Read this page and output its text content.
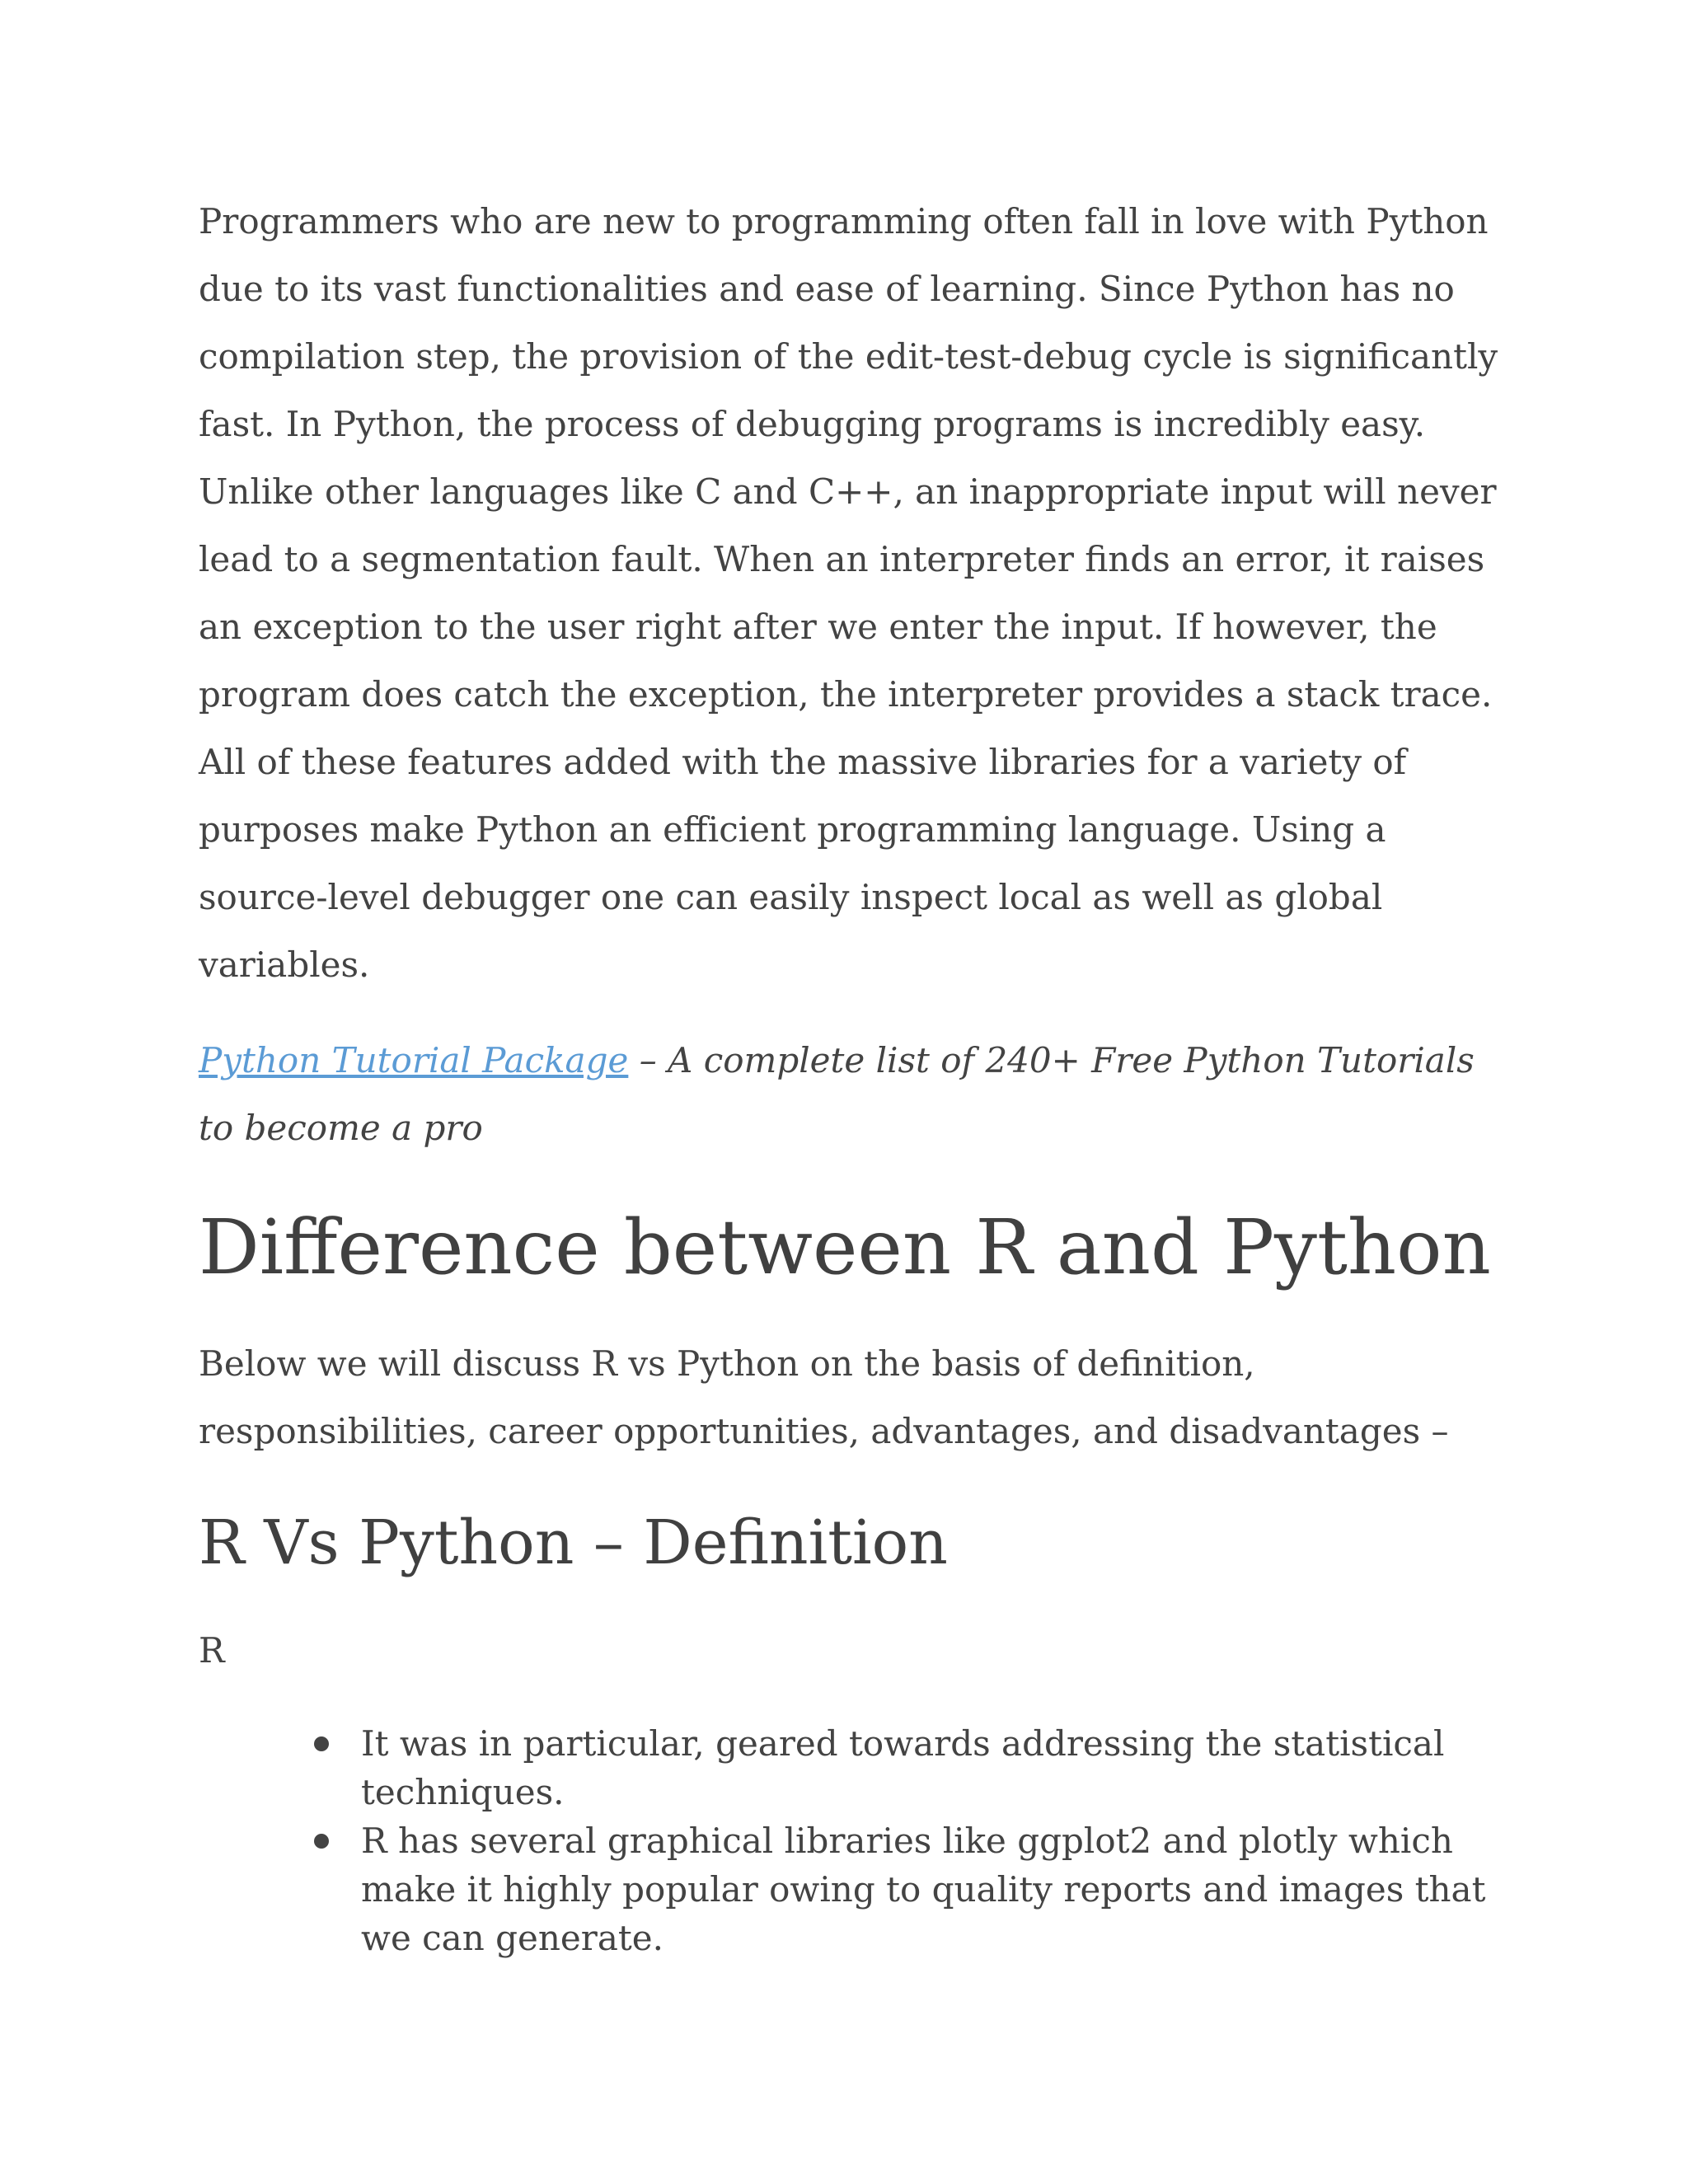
Programmers who are new to programming often fall in love with Python due to its vast functionalities and ease of learning. Since Python has no compilation step, the provision of the edit-test-debug cycle is significantly fast. In Python, the process of debugging programs is incredibly easy. Unlike other languages like C and C++, an inappropriate input will never lead to a segmentation fault. When an interpreter finds an error, it raises an exception to the user right after we enter the input. If however, the program does catch the exception, the interpreter provides a stack trace. All of these features added with the massive libraries for a variety of purposes make Python an efficient programming language. Using a source-level debugger one can easily inspect local as well as global variables.

Python Tutorial Package – A complete list of 240+ Free Python Tutorials to become a pro

Difference between R and Python

Below we will discuss R vs Python on the basis of definition, responsibilities, career opportunities, advantages, and disadvantages –

R Vs Python – Definition

R

It was in particular, geared towards addressing the statistical techniques.
R has several graphical libraries like ggplot2 and plotly which make it highly popular owing to quality reports and images that we can generate.
